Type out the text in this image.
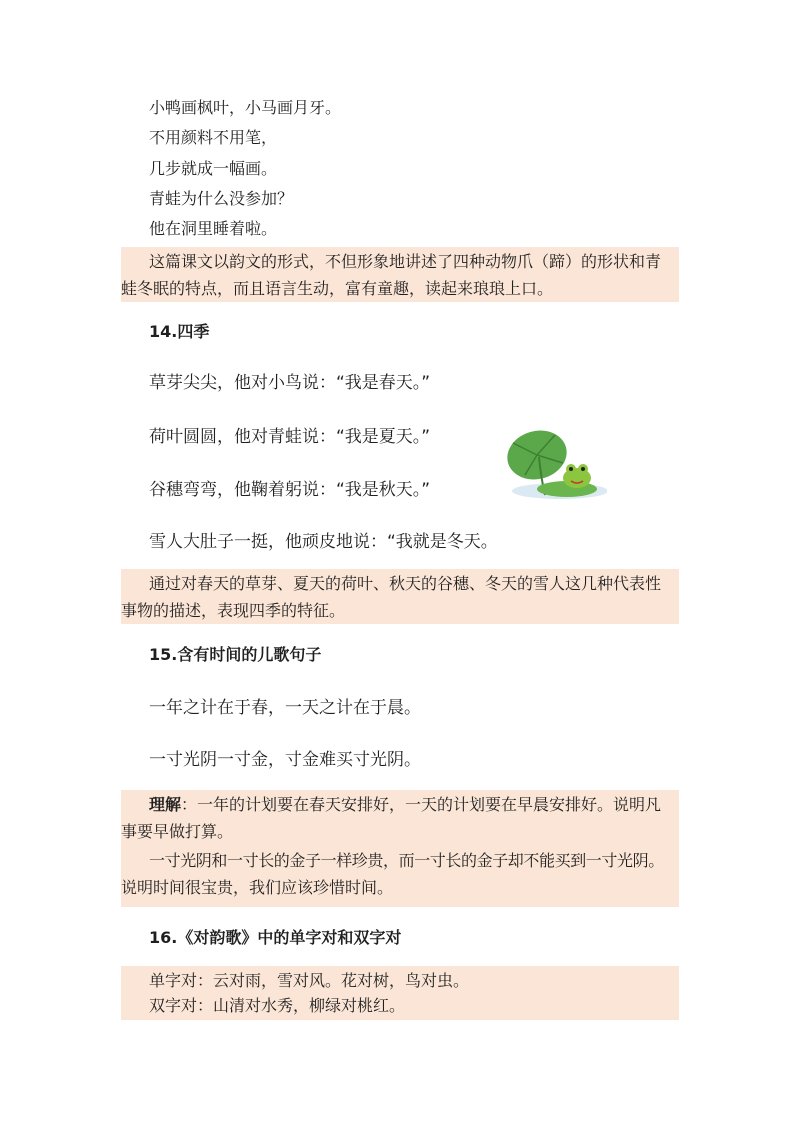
小鸭画枫叶，小马画月牙。
不用颜料不用笔，
几步就成一幅画。
青蛙为什么没参加？
他在洞里睡着啦。

这篇课文以韵文的形式，不但形象地讲述了四种动物爪（蹄）的形状和青

蛙冬眠的特点，而且语言生动，富有童趣，读起来琅琅上口。

14.四季
草芽尖尖，他对小鸟说：“我是春天。”
荷叶圆圆，他对青蛙说：“我是夏天。”
谷穗弯弯，他鞠着躬说：“我是秋天。”
雪人大肚子一挺，他顽皮地说：“我就是冬天。

通过对春天的草芽、夏天的荷叶、秋天的谷穗、冬天的雪人这几种代表性

事物的描述，表现四季的特征。

15.含有时间的儿歌句子
一年之计在于春，一天之计在于晨。
一寸光阴一寸金，寸金难买寸光阴。

理解：一年的计划要在春天安排好，一天的计划要在早晨安排好。说明凡

事要早做打算。

一寸光阴和一寸长的金子一样珍贵，而一寸长的金子却不能买到一寸光阴。

说明时间很宝贵，我们应该珍惜时间。

16.《对韵歌》中的单字对和双字对

单字对：云对雨，雪对风。花对树，鸟对虫。

双字对：山清对水秀，柳绿对桃红。
